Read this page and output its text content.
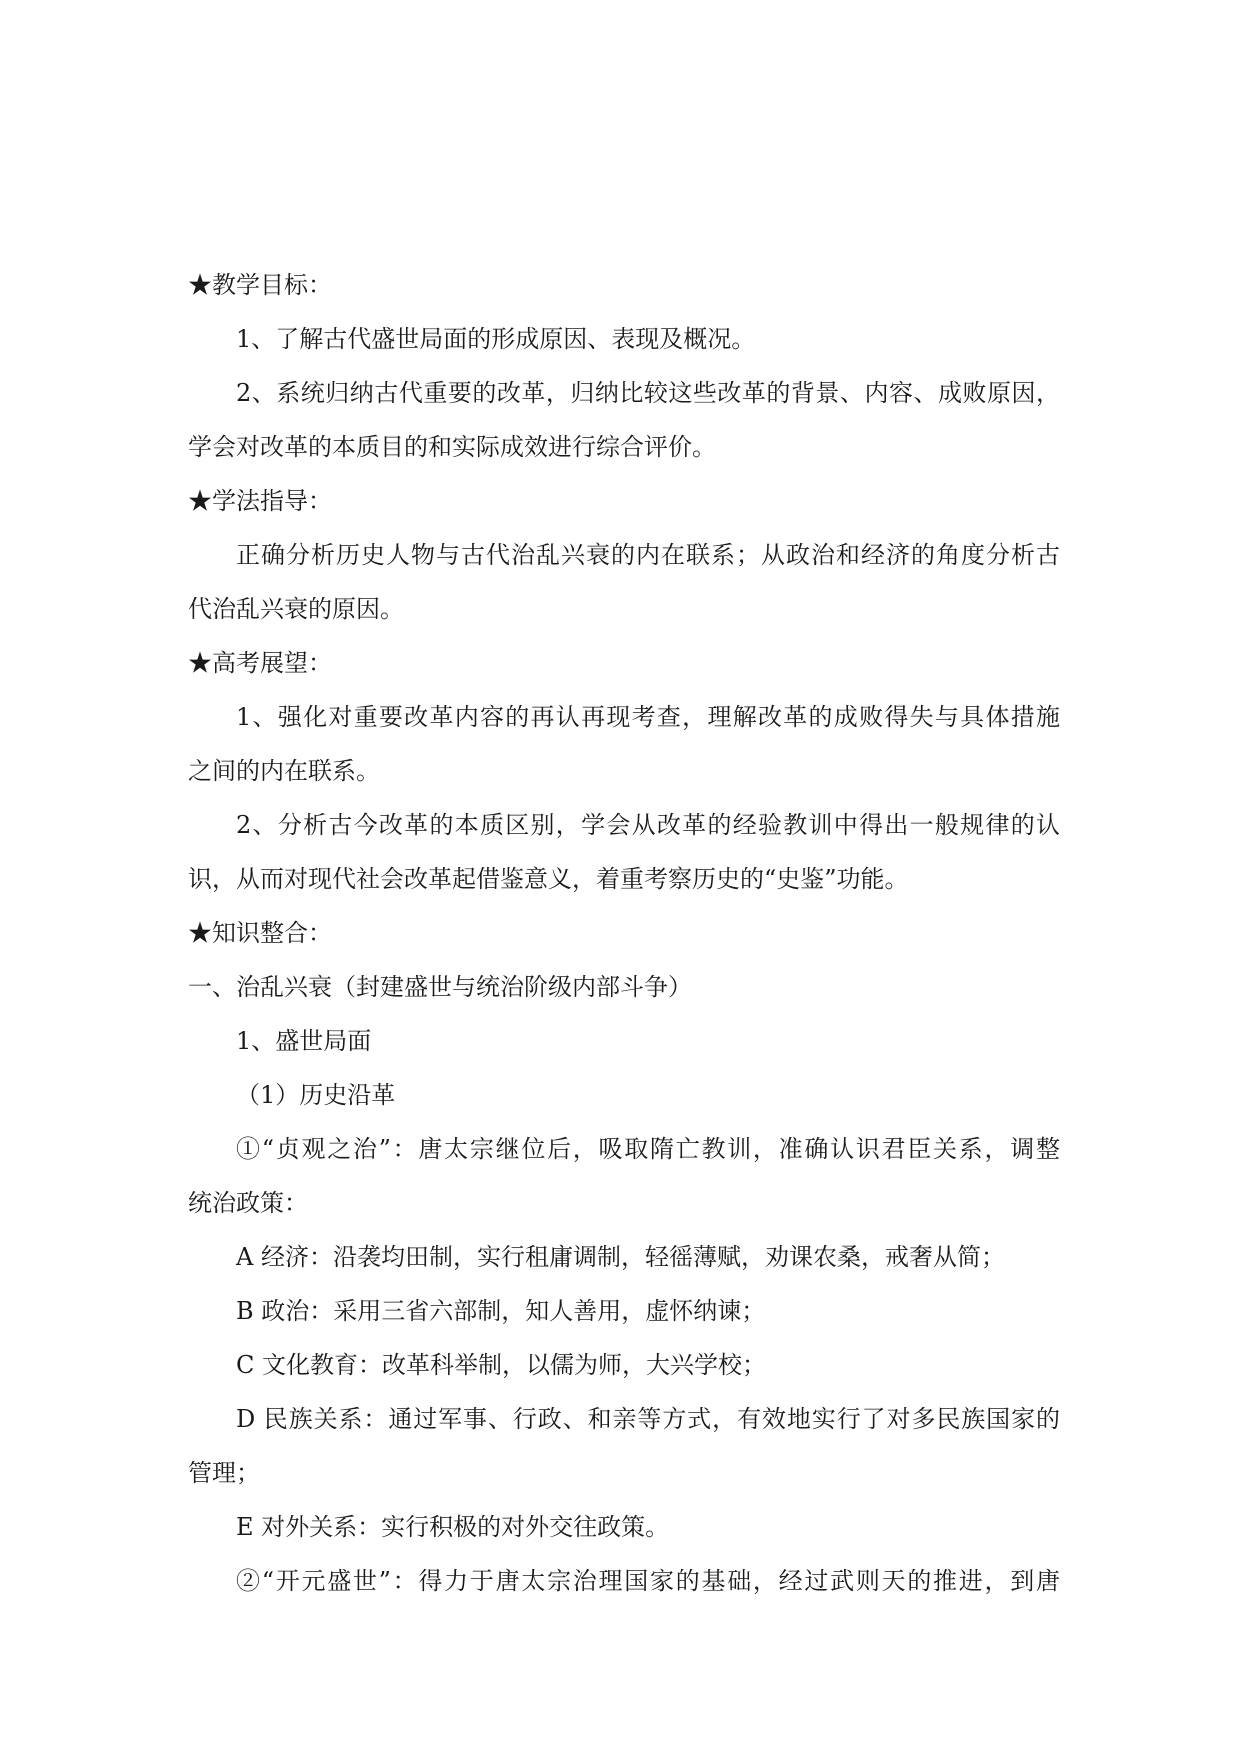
★教学目标：
1、了解古代盛世局面的形成原因、表现及概况。
2、系统归纳古代重要的改革，归纳比较这些改革的背景、内容、成败原因，
学会对改革的本质目的和实际成效进行综合评价。
★学法指导：
正确分析历史人物与古代治乱兴衰的内在联系；从政治和经济的角度分析古
代治乱兴衰的原因。
★高考展望：
1、强化对重要改革内容的再认再现考查，理解改革的成败得失与具体措施
之间的内在联系。
2、分析古今改革的本质区别，学会从改革的经验教训中得出一般规律的认
识，从而对现代社会改革起借鉴意义，着重考察历史的“史鉴”功能。
★知识整合：
一、治乱兴衰（封建盛世与统治阶级内部斗争）
1、盛世局面
（1）历史沿革
①“贞观之治”：唐太宗继位后，吸取隋亡教训，准确认识君臣关系，调整
统治政策：
A 经济：沿袭均田制，实行租庸调制，轻徭薄赋，劝课农桑，戒奢从简；
B 政治：采用三省六部制，知人善用，虚怀纳谏；
C 文化教育：改革科举制，以儒为师，大兴学校；
D 民族关系：通过军事、行政、和亲等方式，有效地实行了对多民族国家的
管理；
E 对外关系：实行积极的对外交往政策。
②“开元盛世”：得力于唐太宗治理国家的基础，经过武则天的推进，到唐
